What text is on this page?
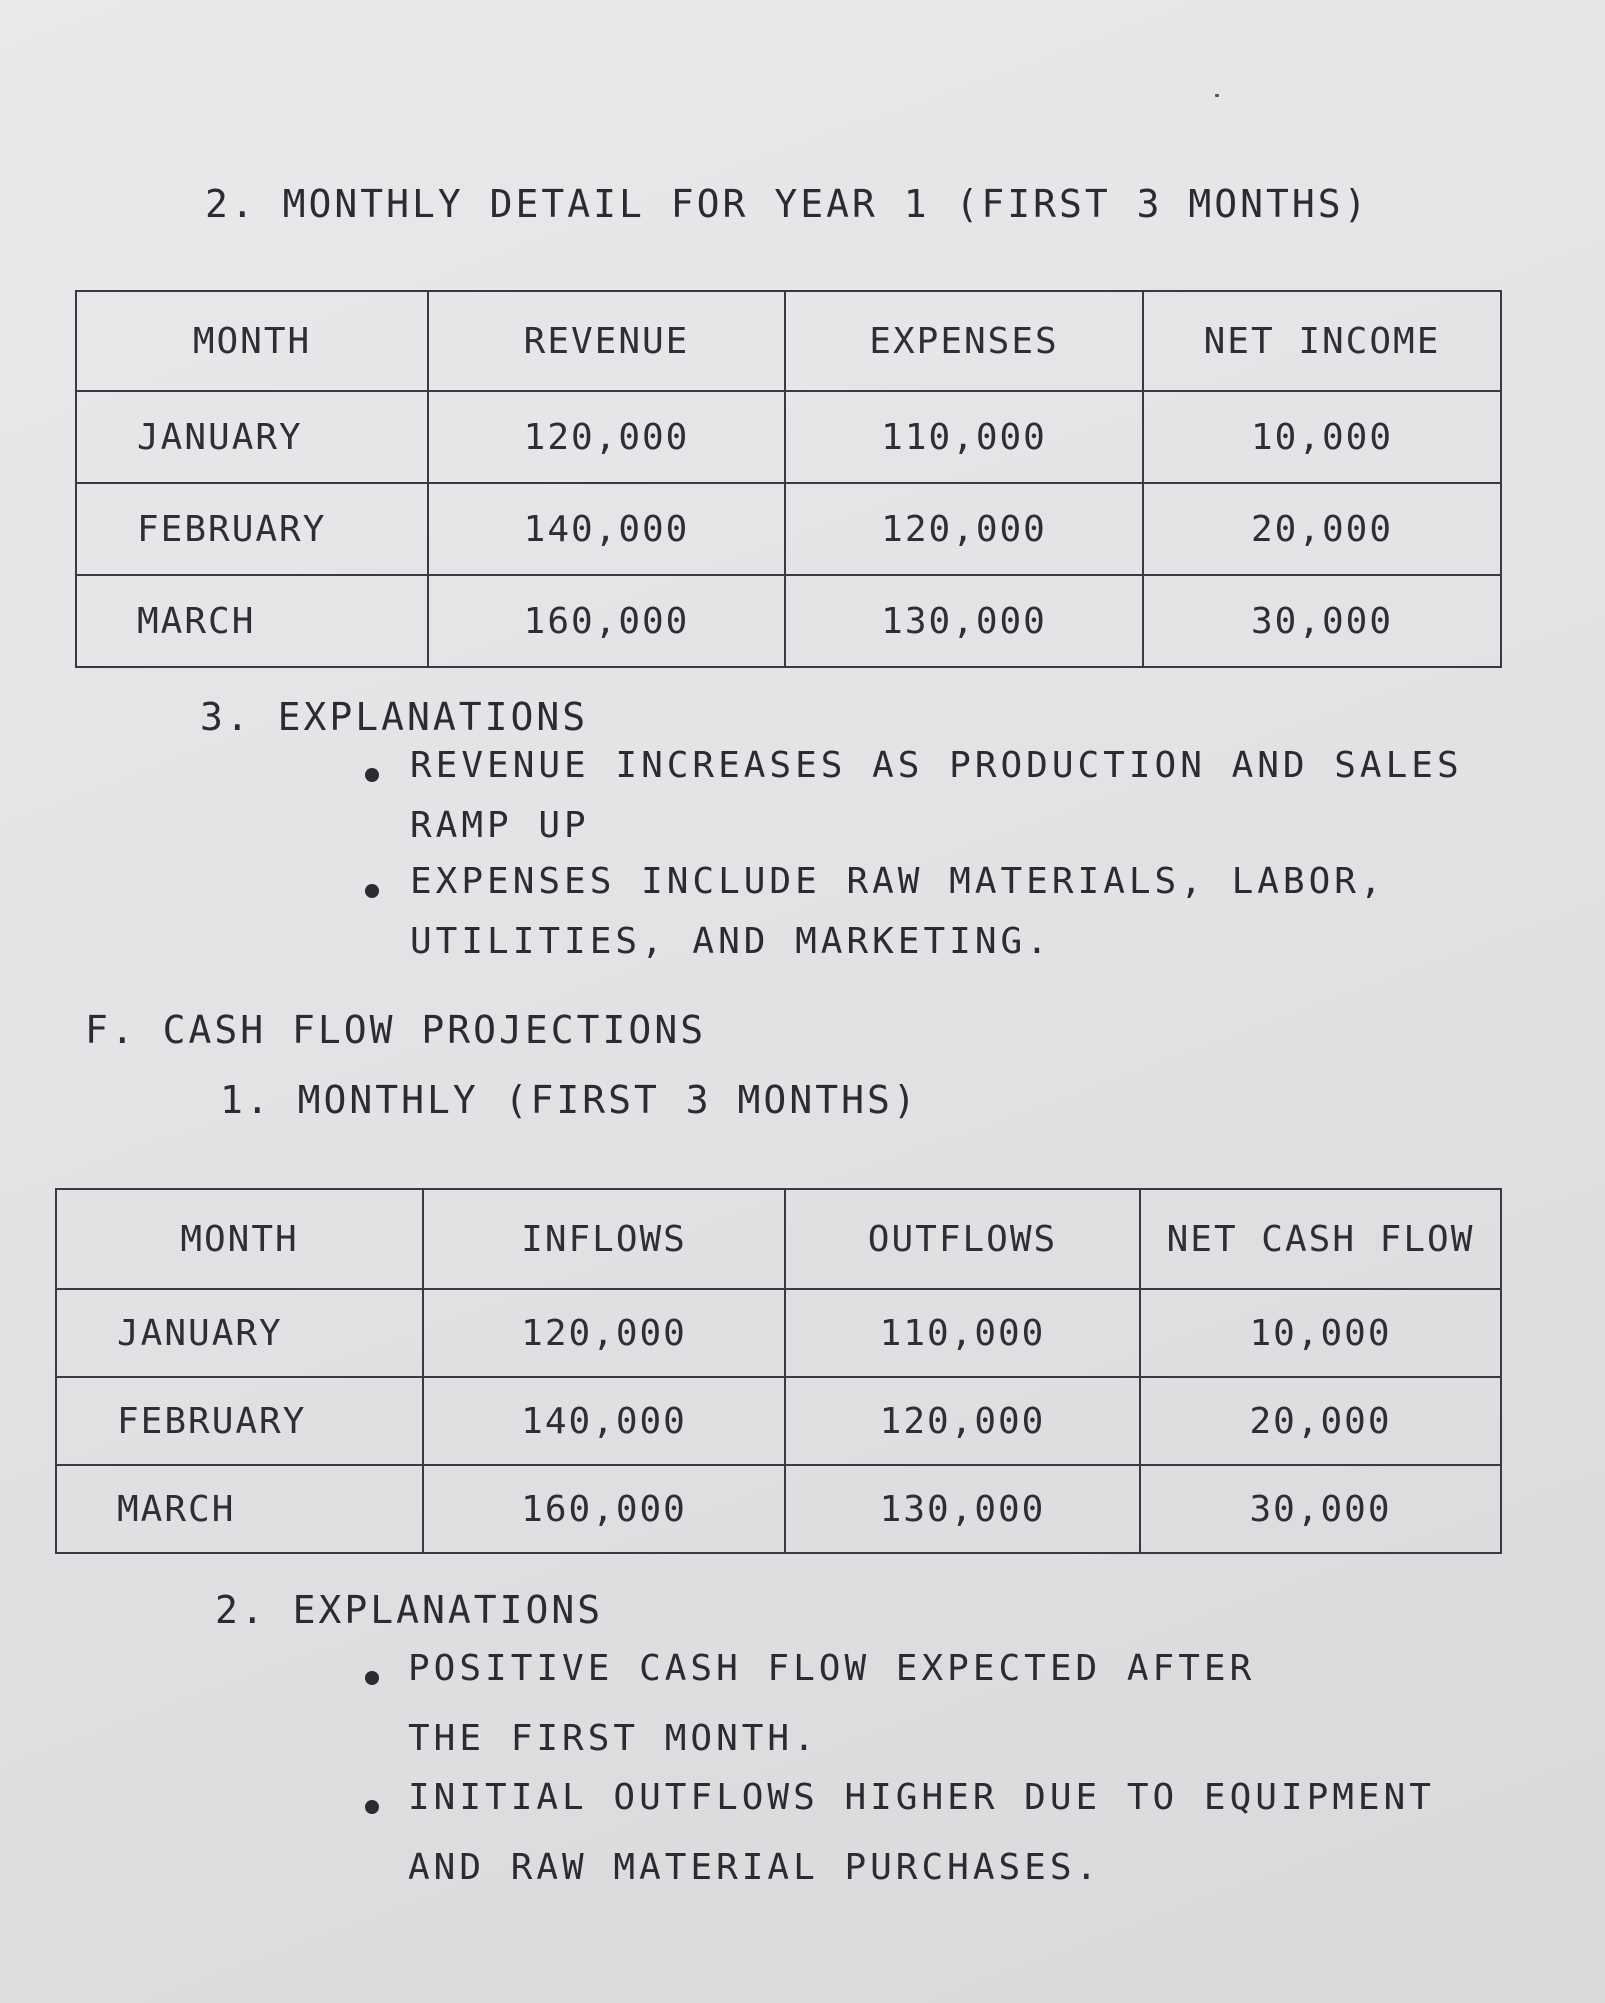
2. MONTHLY DETAIL FOR YEAR 1 (FIRST 3 MONTHS)
MONTH	REVENUE	EXPENSES	NET INCOME
JANUARY	120,000	110,000	10,000
FEBRUARY	140,000	120,000	20,000
MARCH	160,000	130,000	30,000
3. EXPLANATIONS
REVENUE INCREASES AS PRODUCTION AND SALES
RAMP UP
EXPENSES INCLUDE RAW MATERIALS, LABOR,
UTILITIES, AND MARKETING.
F. CASH FLOW PROJECTIONS
1. MONTHLY (FIRST 3 MONTHS)
MONTH	INFLOWS	OUTFLOWS	NET CASH FLOW
JANUARY	120,000	110,000	10,000
FEBRUARY	140,000	120,000	20,000
MARCH	160,000	130,000	30,000
2. EXPLANATIONS
POSITIVE CASH FLOW EXPECTED AFTER
THE FIRST MONTH.
INITIAL OUTFLOWS HIGHER DUE TO EQUIPMENT
AND RAW MATERIAL PURCHASES.
